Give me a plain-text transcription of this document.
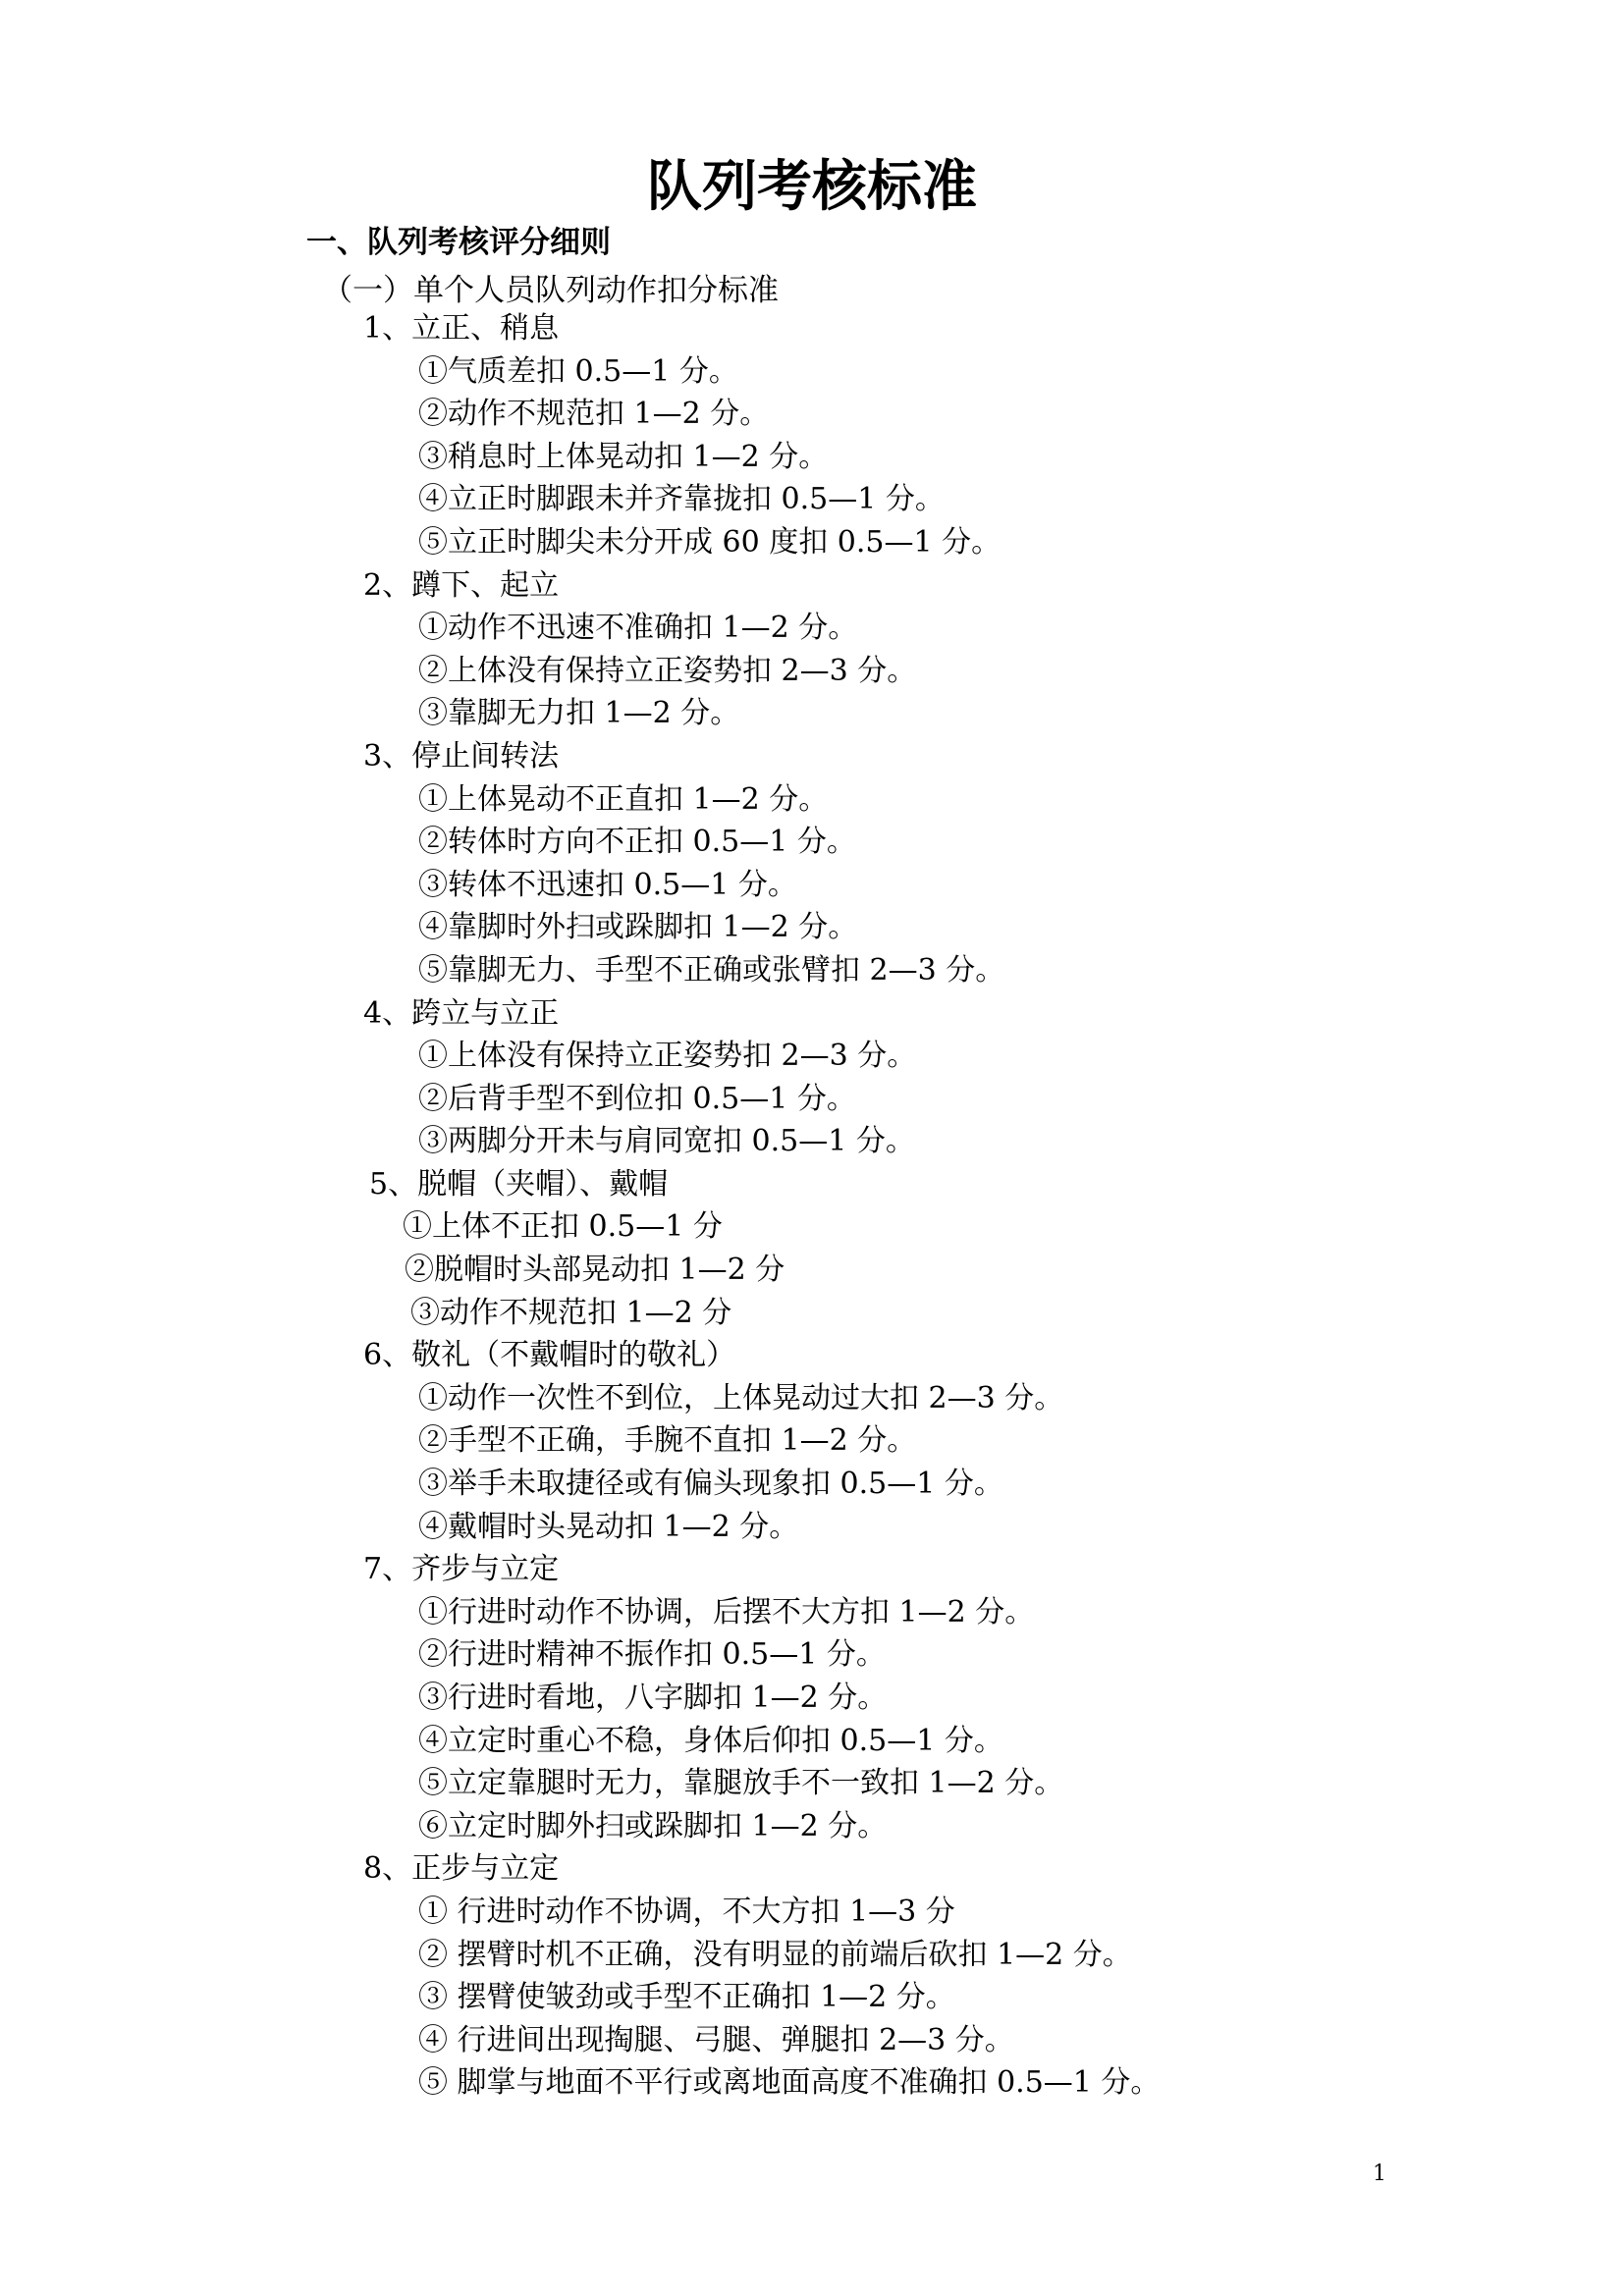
队列考核标准
一、队列考核评分细则
（一）单个人员队列动作扣分标准
1、立正、稍息
①气质差扣 0.5—1 分。
②动作不规范扣 1—2 分。
③稍息时上体晃动扣 1—2 分。
④立正时脚跟未并齐靠拢扣 0.5—1 分。
⑤立正时脚尖未分开成 60 度扣 0.5—1 分。
2、蹲下、起立
①动作不迅速不准确扣 1—2 分。
②上体没有保持立正姿势扣 2—3 分。
③靠脚无力扣 1—2 分。
3、停止间转法
①上体晃动不正直扣 1—2 分。
②转体时方向不正扣 0.5—1 分。
③转体不迅速扣 0.5—1 分。
④靠脚时外扫或跺脚扣 1—2 分。
⑤靠脚无力、手型不正确或张臂扣 2—3 分。
4、跨立与立正
①上体没有保持立正姿势扣 2—3 分。
②后背手型不到位扣 0.5—1 分。
③两脚分开未与肩同宽扣 0.5—1 分。
5、脱帽（夹帽）、戴帽
①上体不正扣 0.5—1 分
②脱帽时头部晃动扣 1—2 分
③动作不规范扣 1—2 分
6、敬礼（不戴帽时的敬礼）
①动作一次性不到位，上体晃动过大扣 2—3 分。
②手型不正确，手腕不直扣 1—2 分。
③举手未取捷径或有偏头现象扣 0.5—1 分。
④戴帽时头晃动扣 1—2 分。
7、齐步与立定
①行进时动作不协调，后摆不大方扣 1—2 分。
②行进时精神不振作扣 0.5—1 分。
③行进时看地，八字脚扣 1—2 分。
④立定时重心不稳，身体后仰扣 0.5—1 分。
⑤立定靠腿时无力，靠腿放手不一致扣 1—2 分。
⑥立定时脚外扫或跺脚扣 1—2 分。
8、正步与立定
① 行进时动作不协调，不大方扣 1—3 分
② 摆臂时机不正确，没有明显的前端后砍扣 1—2 分。
③ 摆臂使皱劲或手型不正确扣 1—2 分。
④ 行进间出现掏腿、弓腿、弹腿扣 2—3 分。
⑤ 脚掌与地面不平行或离地面高度不准确扣 0.5—1 分。
1
